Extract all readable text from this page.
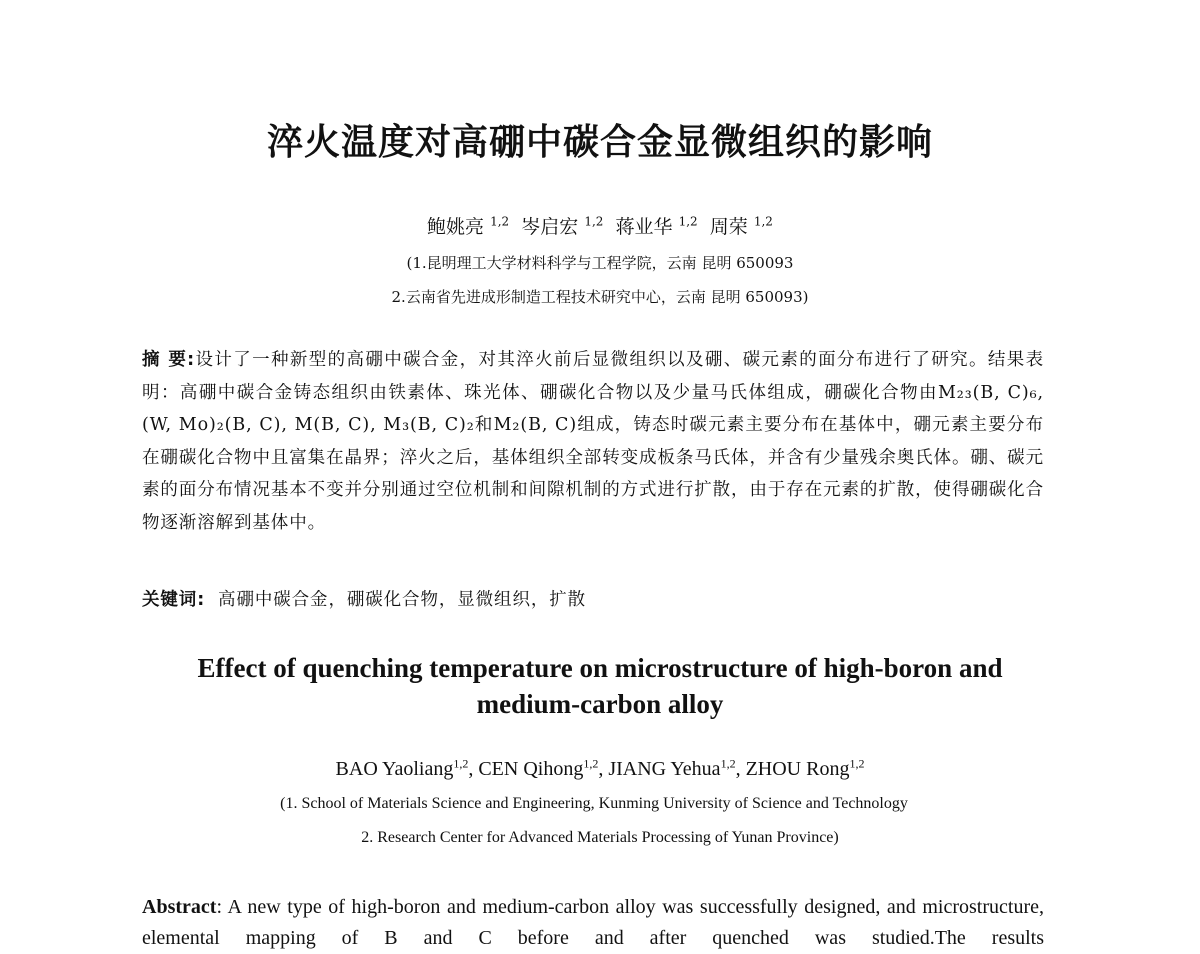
淬火温度对高硼中碳合金显微组织的影响
鲍姚亮 $^{1,2}$ 岑启宏 $^{1,2}$ 蒋业华 $^{1,2}$ 周荣 $^{1,2}$
(1.昆明理工大学材料科学与工程学院，云南 昆明 650093
2.云南省先进成形制造工程技术研究中心，云南 昆明 650093)
摘 要:设计了一种新型的高硼中碳合金，对其淬火前后显微组织以及硼、碳元素的面分布进行了研究。结果表明：高硼中碳合金铸态组织由铁素体、珠光体、硼碳化合物以及少量马氏体组成，硼碳化合物由M₂₃(B, C)₆, (W, Mo)₂(B, C), M(B, C), M₃(B, C)₂和M₂(B, C)组成，铸态时碳元素主要分布在基体中，硼元素主要分布在硼碳化合物中且富集在晶界；淬火之后，基体组织全部转变成板条马氏体，并含有少量残余奥氏体。硼、碳元素的面分布情况基本不变并分别通过空位机制和间隙机制的方式进行扩散，由于存在元素的扩散，使得硼碳化合物逐渐溶解到基体中。
关键词: 高硼中碳合金，硼碳化合物，显微组织，扩散
Effect of quenching temperature on microstructure of high-boron and
medium-carbon alloy
BAO Yaoliang$^{1,2}$, CEN Qihong$^{1,2}$, JIANG Yehua$^{1,2}$, ZHOU Rong$^{1,2}$
(1. School of Materials Science and Engineering, Kunming University of Science and Technology
2. Research Center for Advanced Materials Processing of Yunan Province)
Abstract: A new type of high-boron and medium-carbon alloy was successfully designed, and microstructure, elemental mapping of B and C before and after quenched was studied.The results
